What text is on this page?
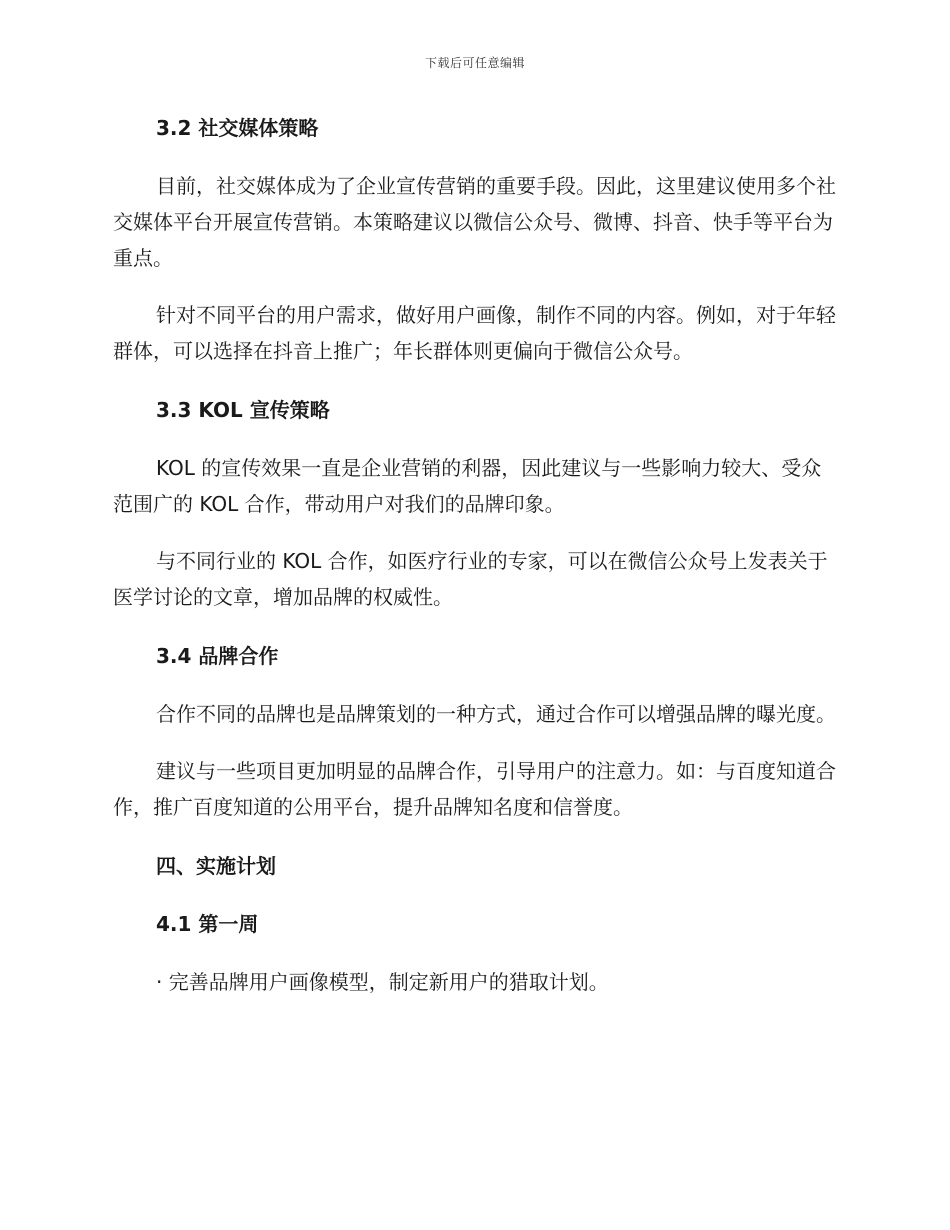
下载后可任意编辑
3.2 社交媒体策略

目前，社交媒体成为了企业宣传营销的重要手段。因此，这里建议使用多个社交媒体平台开展宣传营销。本策略建议以微信公众号、微博、抖音、快手等平台为重点。

针对不同平台的用户需求，做好用户画像，制作不同的内容。例如，对于年轻群体，可以选择在抖音上推广；年长群体则更偏向于微信公众号。

3.3 KOL 宣传策略

KOL 的宣传效果一直是企业营销的利器，因此建议与一些影响力较大、受众范围广的 KOL 合作，带动用户对我们的品牌印象。

与不同行业的 KOL 合作，如医疗行业的专家，可以在微信公众号上发表关于医学讨论的文章，增加品牌的权威性。

3.4 品牌合作

合作不同的品牌也是品牌策划的一种方式，通过合作可以增强品牌的曝光度。

建议与一些项目更加明显的品牌合作，引导用户的注意力。如：与百度知道合作，推广百度知道的公用平台，提升品牌知名度和信誉度。

四、实施计划
4.1 第一周

· 完善品牌用户画像模型，制定新用户的猎取计划。
